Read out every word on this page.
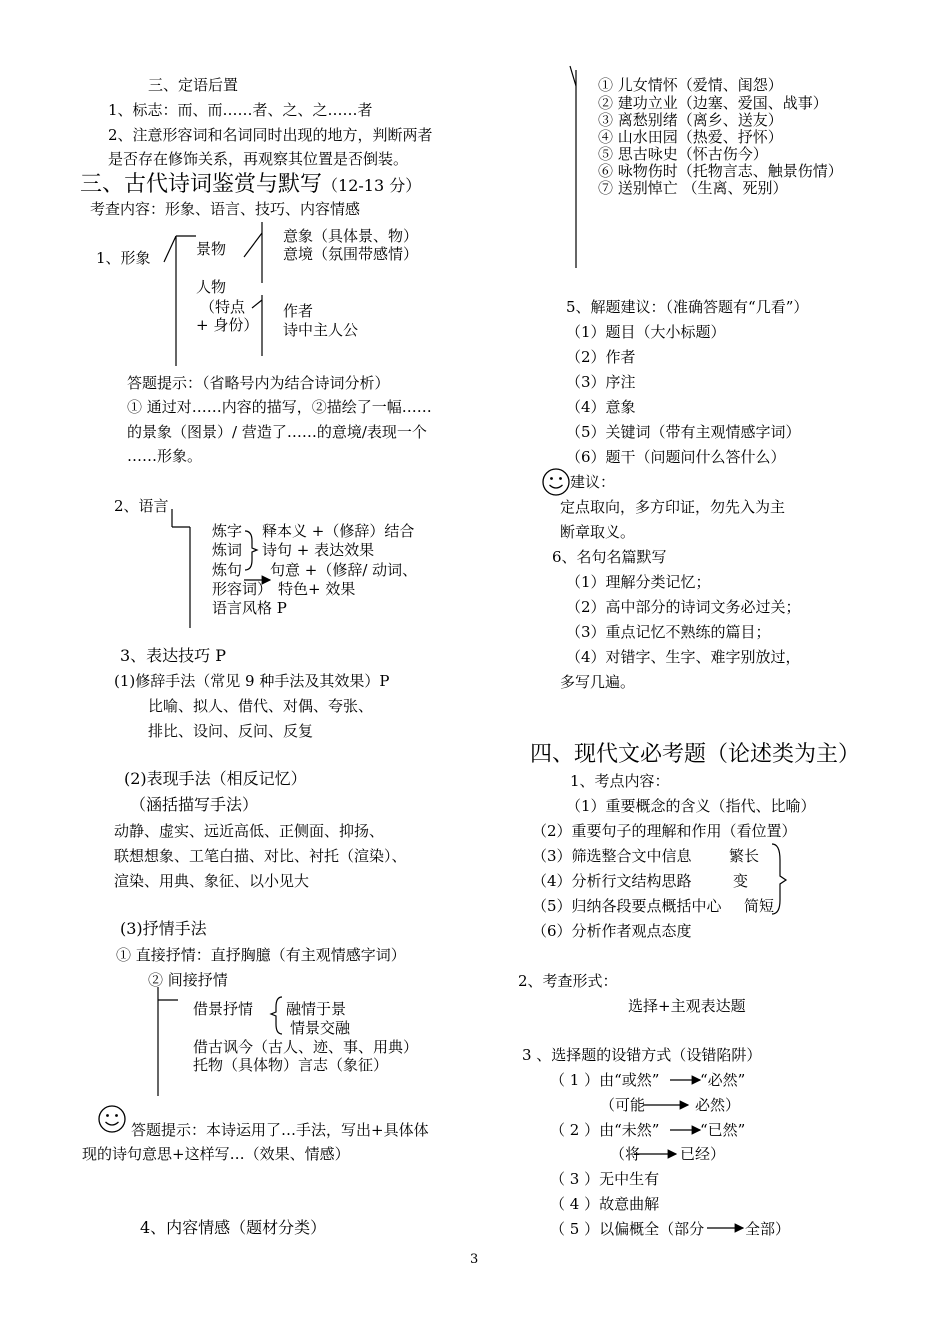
三、定语后置
1、标志：而、而……者、之、之……者
2、注意形容词和名词同时出现的地方，判断两者
是否存在修饰关系，再观察其位置是否倒装。
三、古代诗词鉴赏与默写（12-13 分）
考查内容：形象、语言、技巧、内容情感
1、形象	景物
意象（具体景、物）
意境（氛围带感情）
人物
（特点
+ 身份）
作者
诗中主人公
答题提示：（省略号内为结合诗词分析）
① 通过对……内容的描写，②描绘了一幅……
的景象（图景）/ 营造了……的意境/表现一个
……形象。
2、语言
炼字 释本义 +（修辞）结合
炼词 诗句 + 表达效果
炼句 句意 +（修辞/ 动词、
形容词） 特色+ 效果
语言风格 P
3、表达技巧 P
(1)修辞手法（常见 9 种手法及其效果）P
比喻、拟人、借代、对偶、夸张、
排比、设问、反问、反复
(2)表现手法（相反记忆）
（涵括描写手法）
动静、虚实、远近高低、正侧面、抑扬、
联想想象、工笔白描、对比、衬托（渲染）、
渲染、用典、象征、以小见大
(3)抒情手法
① 直接抒情：直抒胸臆（有主观情感字词）
② 间接抒情
借景抒情 融情于景
情景交融
借古讽今（古人、迹、事、用典）
托物（具体物）言志（象征）
答题提示：本诗运用了…手法，写出+具体体
现的诗句意思+这样写…（效果、情感）
4、内容情感（题材分类）
① 儿女情怀（爱情、闺怨）
② 建功立业（边塞、爱国、战事）
③ 离愁别绪（离乡、送友）
④ 山水田园（热爱、抒怀）
⑤ 思古咏史（怀古伤今）
⑥ 咏物伤时（托物言志、触景伤情）
⑦ 送别悼亡 （生离、死别）
5、解题建议：（准确答题有“几看”）
（1）题目（大小标题）
（2）作者
（3）序注
（4）意象
（5）关键词（带有主观情感字词）
（6）题干（问题问什么答什么）
建议：
定点取向，多方印证，勿先入为主
断章取义。
6、名句名篇默写
（1）理解分类记忆；
（2）高中部分的诗词文务必过关；
（3）重点记忆不熟练的篇目；
（4）对错字、生字、难字别放过，
多写几遍。
四、现代文必考题（论述类为主）
1、考点内容：
（1）重要概念的含义（指代、比喻）
（2）重要句子的理解和作用（看位置）
（3）筛选整合文中信息
（4）分析行文结构思路
（5）归纳各段要点概括中心
（6）分析作者观点态度
繁长
变
简短
2、考查形式：
选择+主观表达题
3 、选择题的设错方式（设错陷阱）
（ 1 ）由“或然”	“必然”
（可能	必然）
（ 2 ）由“未然”	“已然”
（将	已经）
（ 3 ）无中生有
（ 4 ）故意曲解
（ 5 ）以偏概全（部分	全部）
3
